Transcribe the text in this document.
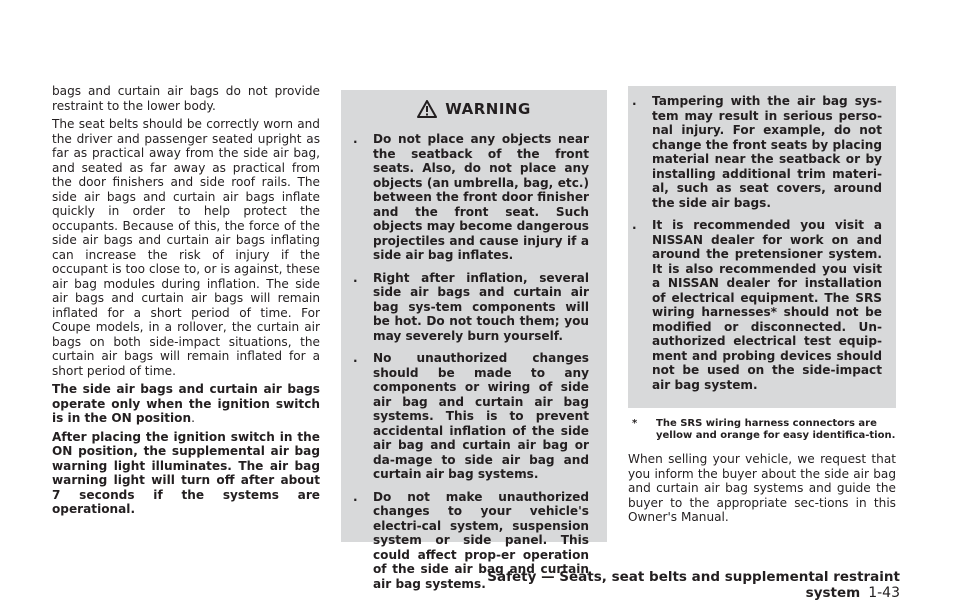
bags and curtain air bags do not provide restraint to the lower body.

The seat belts should be correctly worn and the driver and passenger seated upright as far as practical away from the side air bag, and seated as far away as practical from the door finishers and side roof rails. The side air bags and curtain air bags inflate quickly in order to help protect the occupants. Because of this, the force of the side air bags and curtain air bags inflating can increase the risk of injury if the occupant is too close to, or is against, these air bag modules during inflation. The side air bags and curtain air bags will remain inflated for a short period of time. For Coupe models, in a rollover, the curtain air bags on both side-impact situations, the curtain air bags will remain inflated for a short period of time.

The side air bags and curtain air bags operate only when the ignition switch is in the ON position.

After placing the ignition switch in the ON position, the supplemental air bag warning light illuminates. The air bag warning light will turn off after about 7 seconds if the systems are operational.

WARNING
.	Do not place any objects near the seatback of the front seats. Also, do not place any objects (an umbrella, bag, etc.) between the front door finisher and the front seat. Such objects may become dangerous projectiles and cause injury if a side air bag inflates.
.	Right after inflation, several side air bags and curtain air bag sys-tem components will be hot. Do not touch them; you may severely burn yourself.
.	No unauthorized changes should be made to any components or wiring of side air bag and curtain air bag systems. This is to prevent accidental inflation of the side air bag and curtain air bag or da-mage to side air bag and curtain air bag systems.
.	Do not make unauthorized changes to your vehicle's electri-cal system, suspension system or side panel. This could affect prop-er operation of the side air bag and curtain air bag systems.
.	Tampering with the air bag sys-tem may result in serious perso-nal injury. For example, do not change the front seats by placing material near the seatback or by installing additional trim materi-al, such as seat covers, around the side air bags.
.	It is recommended you visit a NISSAN dealer for work on and around the pretensioner system. It is also recommended you visit a NISSAN dealer for installation of electrical equipment. The SRS wiring harnesses* should not be modified or disconnected. Un-authorized electrical test equip-ment and probing devices should not be used on the side-impact air bag system.
*	The SRS wiring harness connectors are yellow and orange for easy identifica-tion.

When selling your vehicle, we request that you inform the buyer about the side air bag and curtain air bag systems and guide the buyer to the appropriate sec-tions in this Owner's Manual.

Safety — Seats, seat belts and supplemental restraint system 1-43
